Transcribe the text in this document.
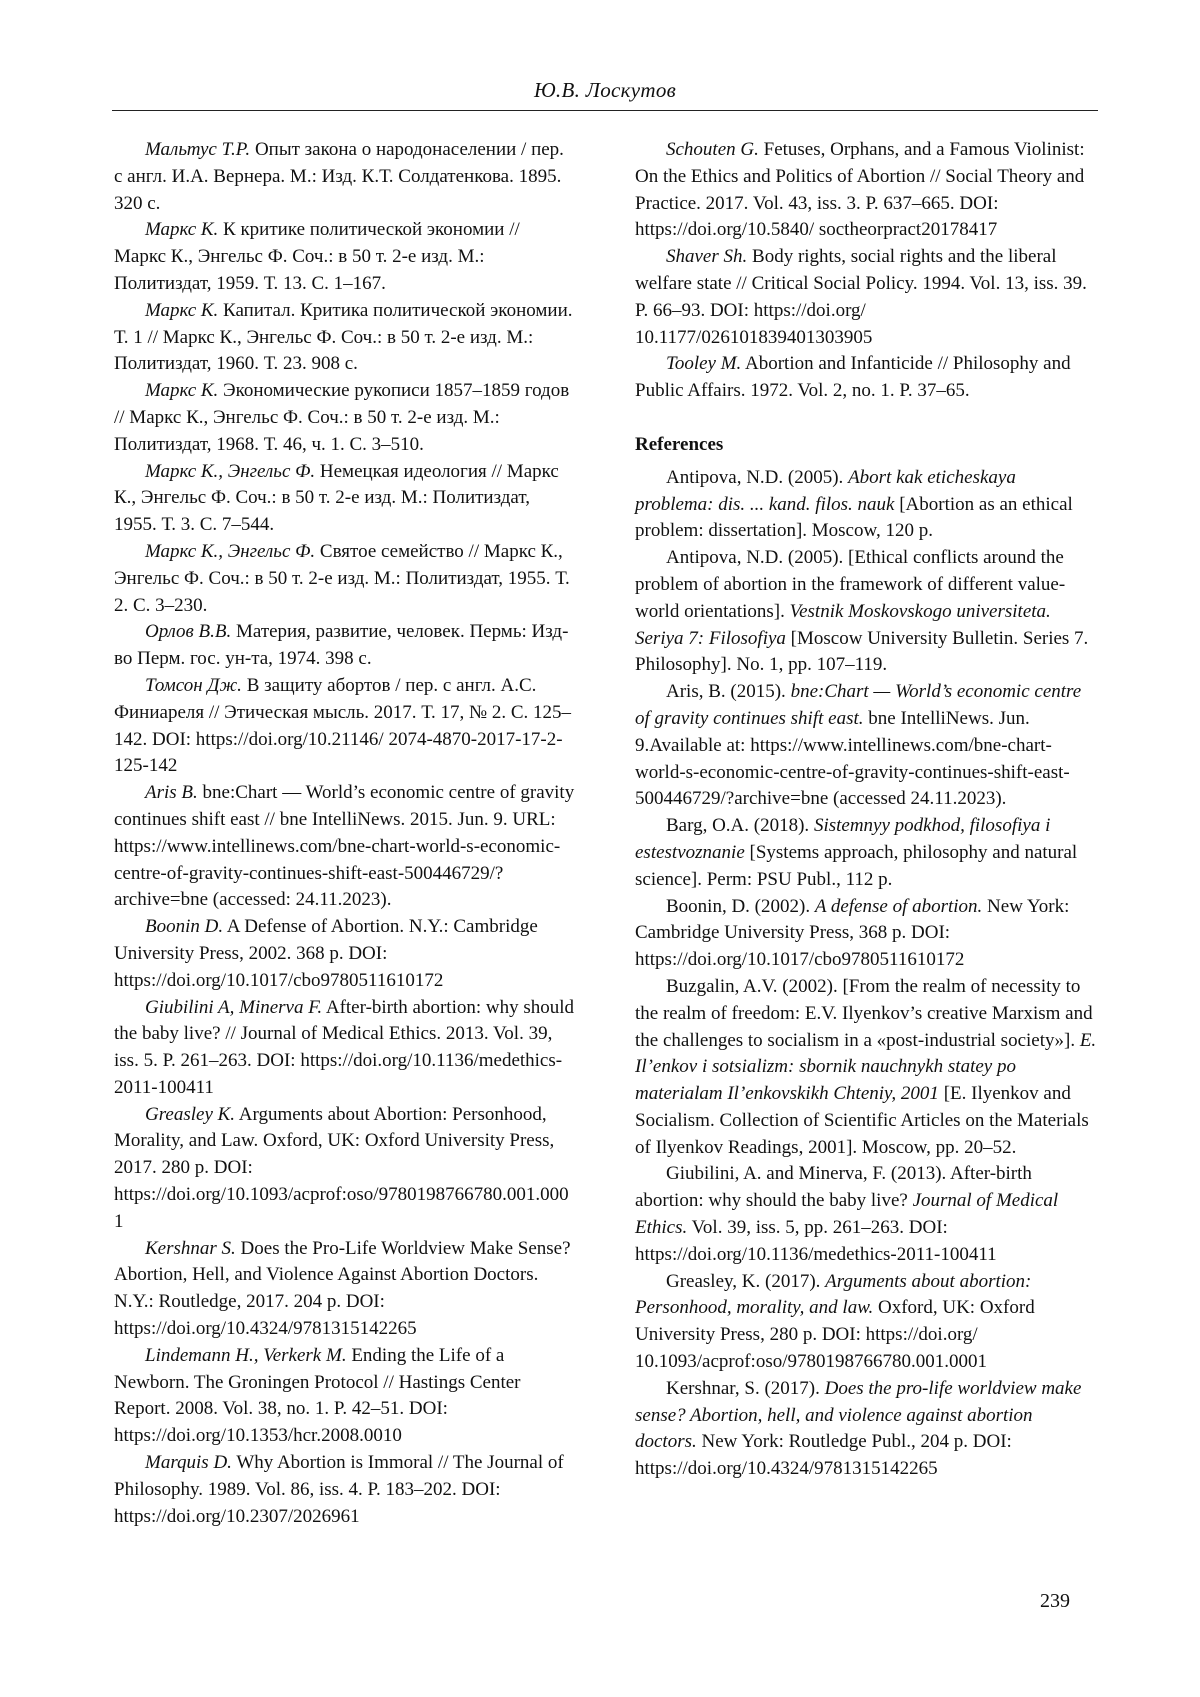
Ю.В. Лоскутов

Мальтус Т.Р. Опыт закона о народонаселении / пер. с англ. И.А. Вернера. М.: Изд. К.Т. Солдатенкова. 1895. 320 с.

Маркс К. К критике политической экономии // Маркс К., Энгельс Ф. Соч.: в 50 т. 2-е изд. М.: Политиздат, 1959. Т. 13. С. 1–167.

Маркс К. Капитал. Критика политической экономии. Т. 1 // Маркс К., Энгельс Ф. Соч.: в 50 т. 2-е изд. М.: Политиздат, 1960. Т. 23. 908 с.

Маркс К. Экономические рукописи 1857–1859 годов // Маркс К., Энгельс Ф. Соч.: в 50 т. 2-е изд. М.: Политиздат, 1968. Т. 46, ч. 1. С. 3–510.

Маркс К., Энгельс Ф. Немецкая идеология // Маркс К., Энгельс Ф. Соч.: в 50 т. 2-е изд. М.: Политиздат, 1955. Т. 3. С. 7–544.

Маркс К., Энгельс Ф. Святое семейство // Маркс К., Энгельс Ф. Соч.: в 50 т. 2-е изд. М.: Политиздат, 1955. Т. 2. С. 3–230.

Орлов В.В. Материя, развитие, человек. Пермь: Изд-во Перм. гос. ун-та, 1974. 398 с.

Томсон Дж. В защиту абортов / пер. с англ. А.С. Финиареля // Этическая мысль. 2017. Т. 17, № 2. С. 125–142. DOI: https://doi.org/10.21146/ 2074-4870-2017-17-2-125-142

Aris B. bne:Chart — World’s economic centre of gravity continues shift east // bne IntelliNews. 2015. Jun. 9. URL: https://www.intellinews.com/bne-chart-world-s-economic-centre-of-gravity-continues-shift-east-500446729/?archive=bne (accessed: 24.11.2023).

Boonin D. A Defense of Abortion. N.Y.: Cambridge University Press, 2002. 368 p. DOI: https://doi.org/10.1017/cbo9780511610172

Giubilini A, Minerva F. After-birth abortion: why should the baby live? // Journal of Medical Ethics. 2013. Vol. 39, iss. 5. P. 261–263. DOI: https://doi.org/10.1136/medethics-2011-100411

Greasley K. Arguments about Abortion: Personhood, Morality, and Law. Oxford, UK: Oxford University Press, 2017. 280 p. DOI: https://doi.org/10.1093/acprof:oso/9780198766780.001.0001

Kershnar S. Does the Pro-Life Worldview Make Sense? Abortion, Hell, and Violence Against Abortion Doctors. N.Y.: Routledge, 2017. 204 p. DOI: https://doi.org/10.4324/9781315142265

Lindemann H., Verkerk M. Ending the Life of a Newborn. The Groningen Protocol // Hastings Center Report. 2008. Vol. 38, no. 1. P. 42–51. DOI: https://doi.org/10.1353/hcr.2008.0010

Marquis D. Why Abortion is Immoral // The Journal of Philosophy. 1989. Vol. 86, iss. 4. P. 183–202. DOI: https://doi.org/10.2307/2026961

Schouten G. Fetuses, Orphans, and a Famous Violinist: On the Ethics and Politics of Abortion // Social Theory and Practice. 2017. Vol. 43, iss. 3. P. 637–665. DOI: https://doi.org/10.5840/ soctheorpract20178417

Shaver Sh. Body rights, social rights and the liberal welfare state // Critical Social Policy. 1994. Vol. 13, iss. 39. P. 66–93. DOI: https://doi.org/ 10.1177/026101839401303905

Tooley M. Abortion and Infanticide // Philosophy and Public Affairs. 1972. Vol. 2, no. 1. P. 37–65.

References

Antipova, N.D. (2005). Abort kak eticheskaya problema: dis. ... kand. filos. nauk [Abortion as an ethical problem: dissertation]. Moscow, 120 p.

Antipova, N.D. (2005). [Ethical conflicts around the problem of abortion in the framework of different value-world orientations]. Vestnik Moskovskogo universiteta. Seriya 7: Filosofiya [Moscow University Bulletin. Series 7. Philosophy]. No. 1, pp. 107–119.

Aris, B. (2015). bne:Chart — World’s economic centre of gravity continues shift east. bne IntelliNews. Jun. 9.Available at: https://www.intellinews.com/bne-chart-world-s-economic-centre-of-gravity-continues-shift-east-500446729/?archive=bne (accessed 24.11.2023).

Barg, O.A. (2018). Sistemnyy podkhod, filosofiya i estestvoznanie [Systems approach, philosophy and natural science]. Perm: PSU Publ., 112 p.

Boonin, D. (2002). A defense of abortion. New York: Cambridge University Press, 368 p. DOI: https://doi.org/10.1017/cbo9780511610172

Buzgalin, A.V. (2002). [From the realm of necessity to the realm of freedom: E.V. Ilyenkov’s creative Marxism and the challenges to socialism in a «post-industrial society»]. E. Il’enkov i sotsializm: sbornik nauchnykh statey po materialam Il’enkovskikh Chteniy, 2001 [E. Ilyenkov and Socialism. Collection of Scientific Articles on the Materials of Ilyenkov Readings, 2001]. Moscow, pp. 20–52.

Giubilini, A. and Minerva, F. (2013). After-birth abortion: why should the baby live? Journal of Medical Ethics. Vol. 39, iss. 5, pp. 261–263. DOI: https://doi.org/10.1136/medethics-2011-100411

Greasley, K. (2017). Arguments about abortion: Personhood, morality, and law. Oxford, UK: Oxford University Press, 280 p. DOI: https://doi.org/ 10.1093/acprof:oso/9780198766780.001.0001

Kershnar, S. (2017). Does the pro-life worldview make sense? Abortion, hell, and violence against abortion doctors. New York: Routledge Publ., 204 p. DOI: https://doi.org/10.4324/9781315142265

239
